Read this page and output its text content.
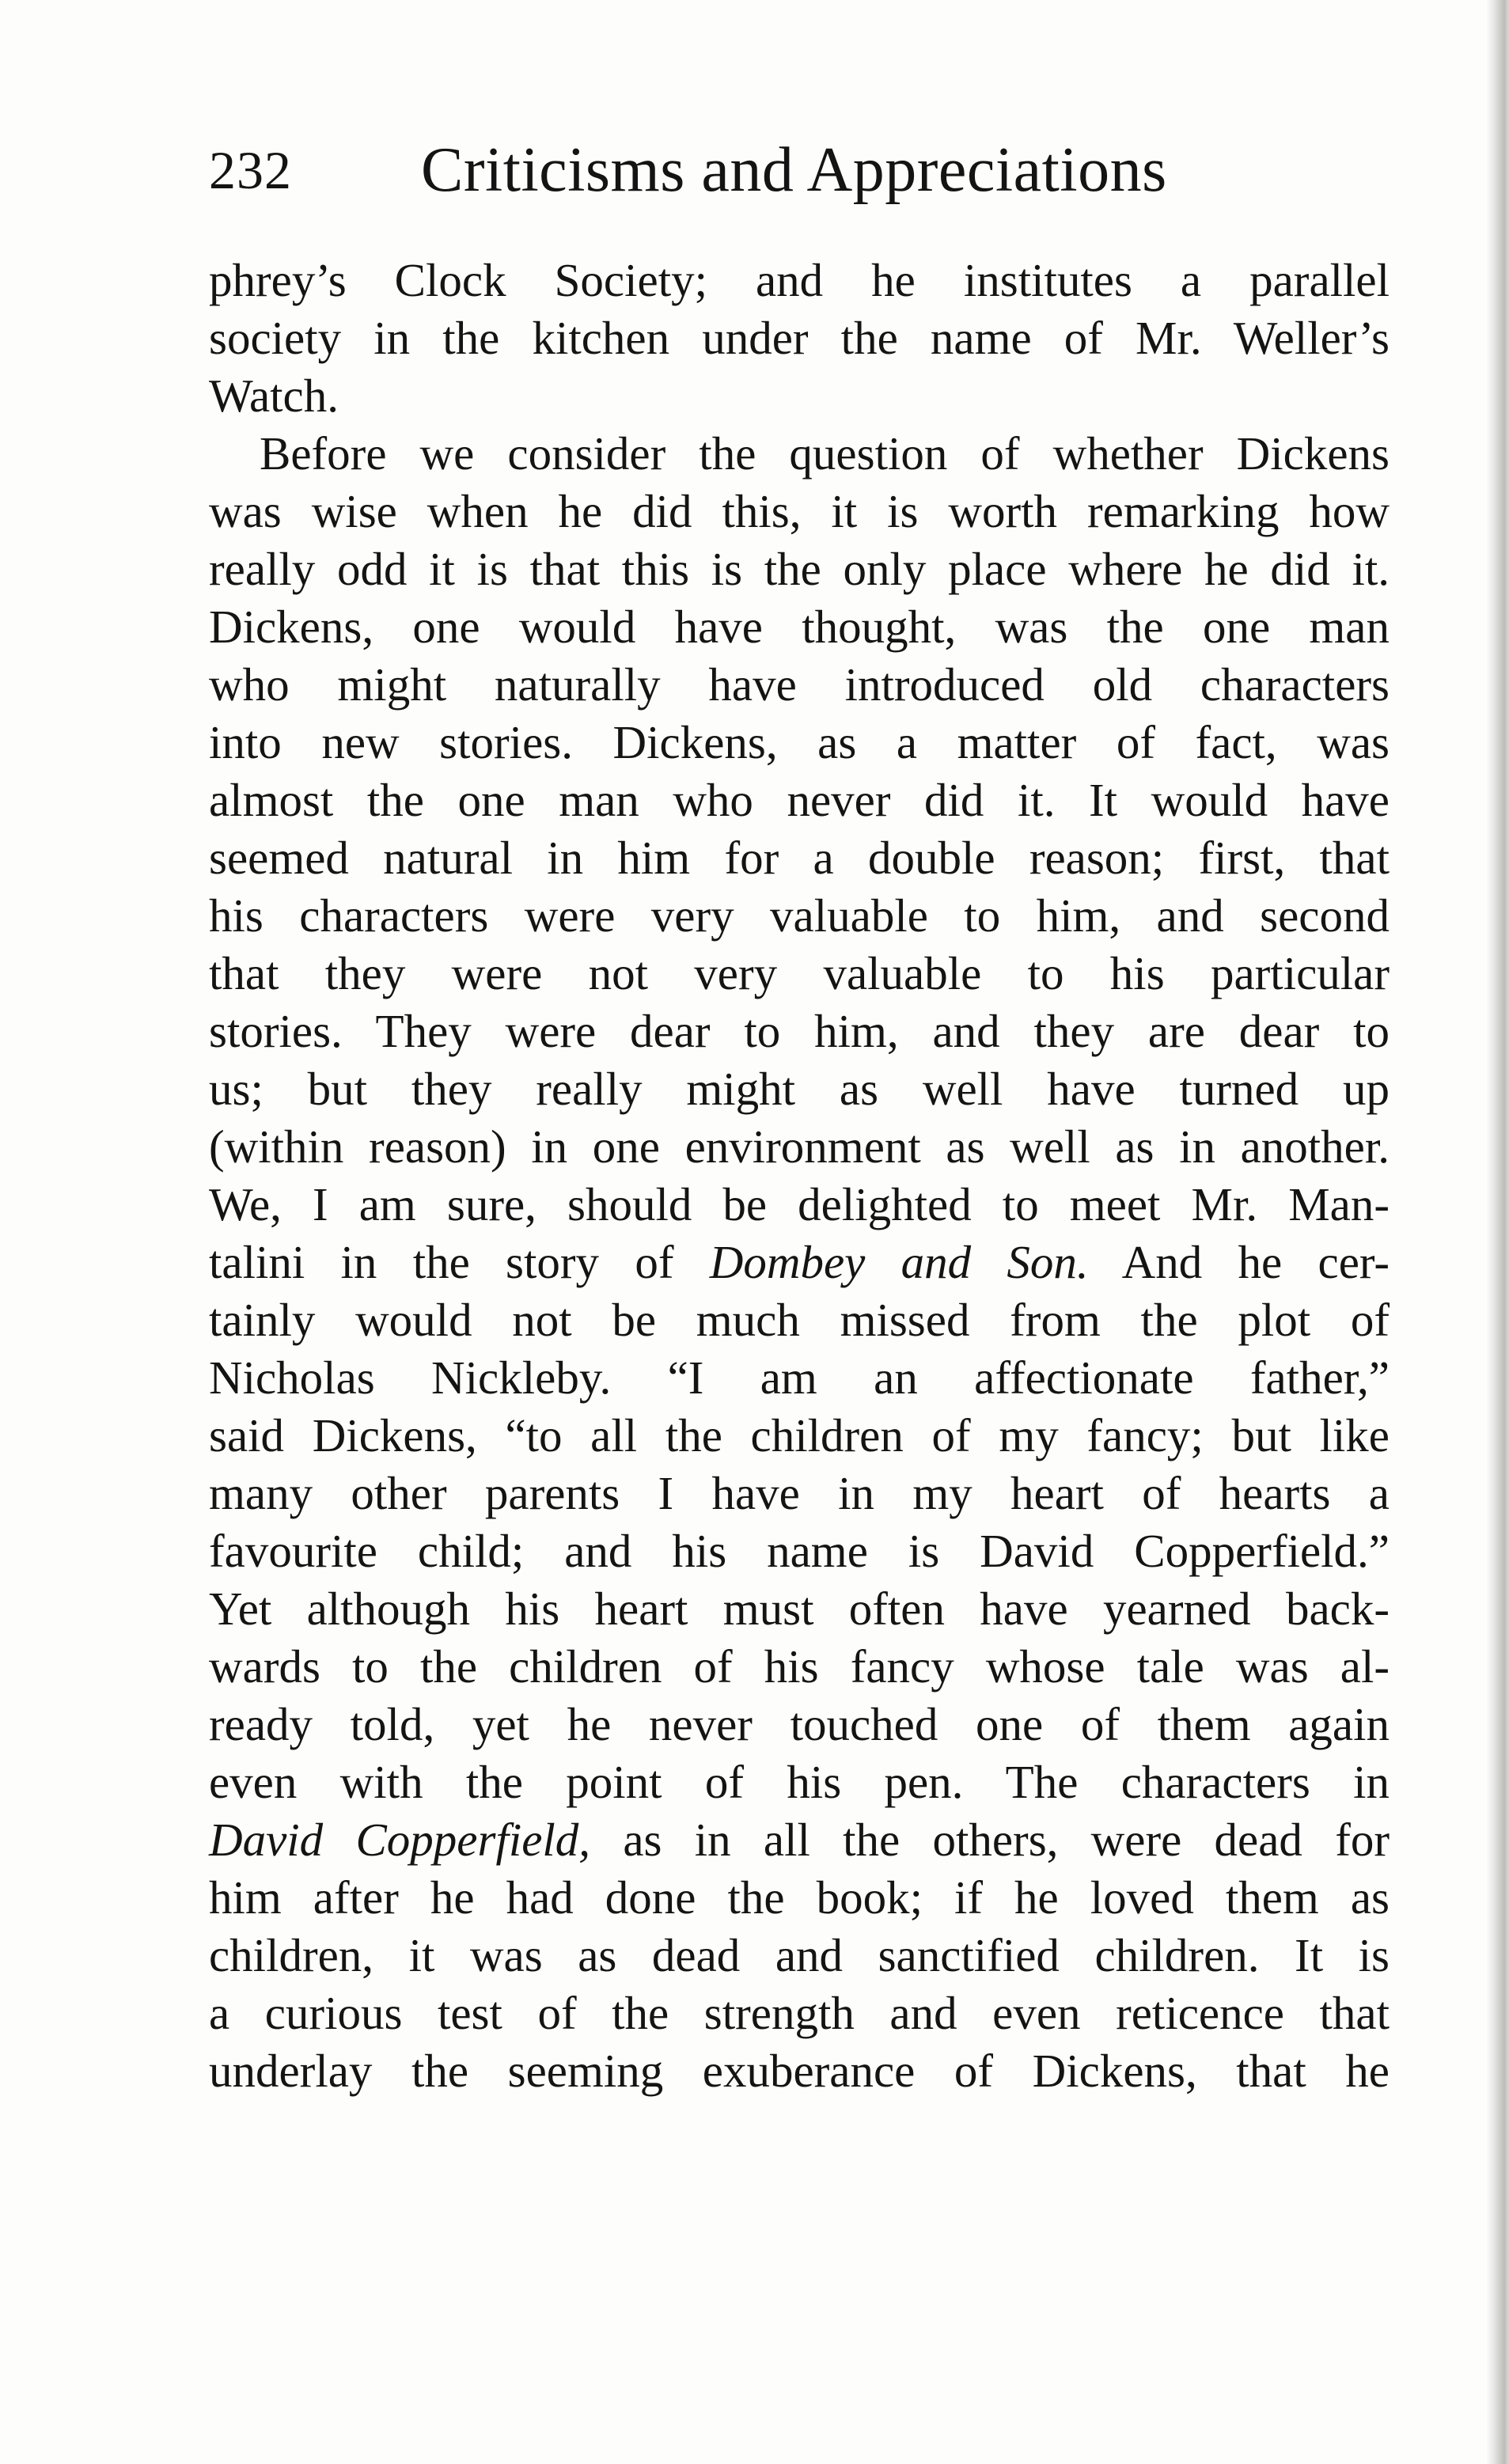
232 Criticisms and Appreciations
phrey’s Clock Society; and he institutes a parallel
society in the kitchen under the name of Mr. Weller’s
Watch.
Before we consider the question of whether Dickens
was wise when he did this, it is worth remarking how
really odd it is that this is the only place where he did it.
Dickens, one would have thought, was the one man
who might naturally have introduced old characters
into new stories. Dickens, as a matter of fact, was
almost the one man who never did it. It would have
seemed natural in him for a double reason; first, that
his characters were very valuable to him, and second
that they were not very valuable to his particular
stories. They were dear to him, and they are dear to
us; but they really might as well have turned up
(within reason) in one environment as well as in another.
We, I am sure, should be delighted to meet Mr. Man-
talini in the story of Dombey and Son. And he cer-
tainly would not be much missed from the plot of
Nicholas Nickleby. “I am an affectionate father,”
said Dickens, “to all the children of my fancy; but like
many other parents I have in my heart of hearts a
favourite child; and his name is David Copperfield.”
Yet although his heart must often have yearned back-
wards to the children of his fancy whose tale was al-
ready told, yet he never touched one of them again
even with the point of his pen. The characters in
David Copperfield, as in all the others, were dead for
him after he had done the book; if he loved them as
children, it was as dead and sanctified children. It is
a curious test of the strength and even reticence that
underlay the seeming exuberance of Dickens, that he
